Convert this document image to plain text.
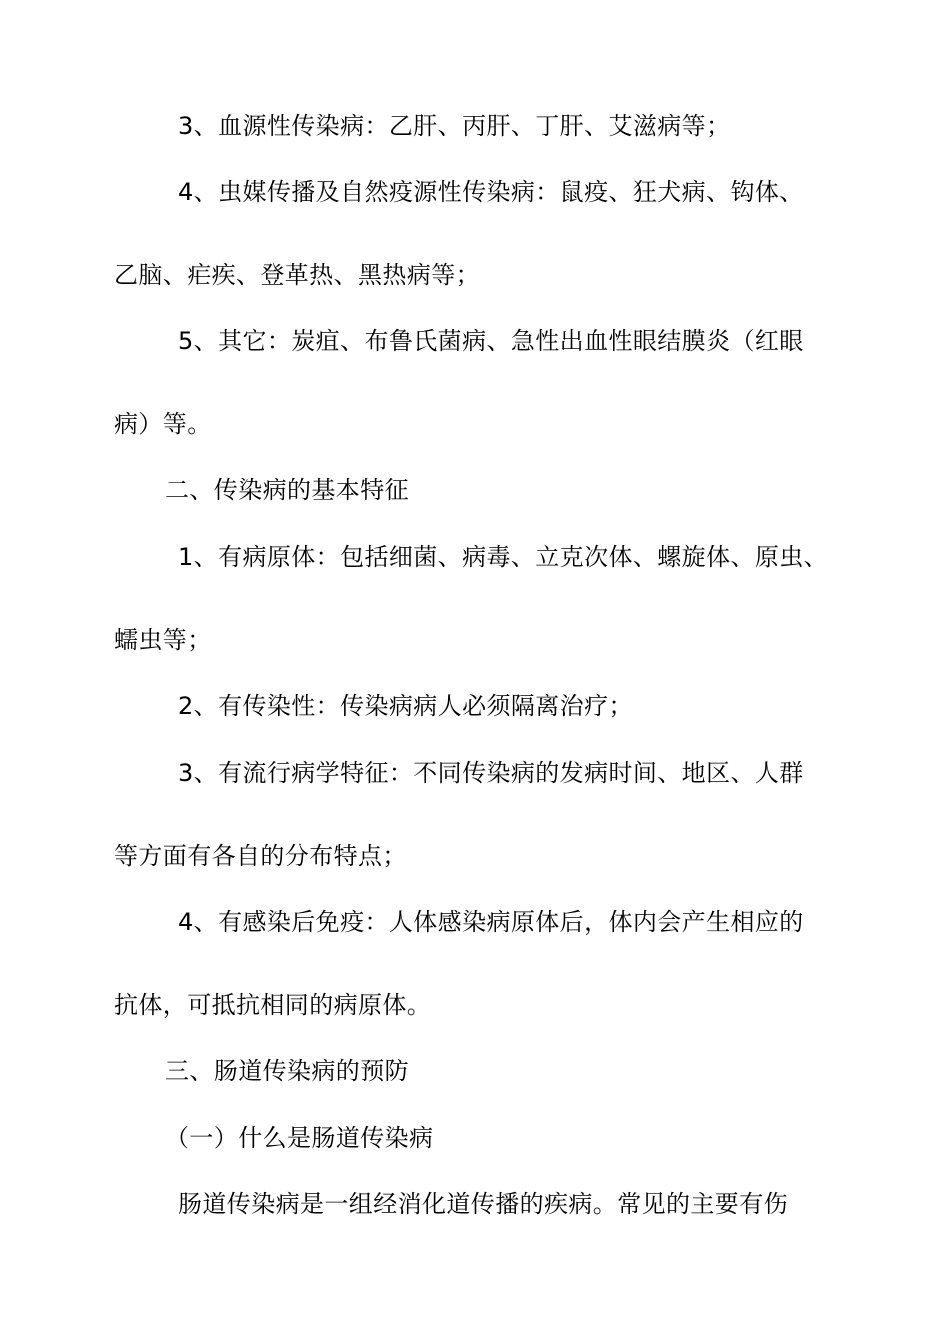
3、血源性传染病：乙肝、丙肝、丁肝、艾滋病等；

4、虫媒传播及自然疫源性传染病：鼠疫、狂犬病、钩体、

乙脑、疟疾、登革热、黑热病等；

5、其它：炭疽、布鲁氏菌病、急性出血性眼结膜炎（红眼

病）等。

二、传染病的基本特征

1、有病原体：包括细菌、病毒、立克次体、螺旋体、原虫、

蠕虫等；

2、有传染性：传染病病人必须隔离治疗；

3、有流行病学特征：不同传染病的发病时间、地区、人群

等方面有各自的分布特点；

4、有感染后免疫：人体感染病原体后，体内会产生相应的

抗体，可抵抗相同的病原体。

三、肠道传染病的预防

（一）什么是肠道传染病

肠道传染病是一组经消化道传播的疾病。常见的主要有伤
